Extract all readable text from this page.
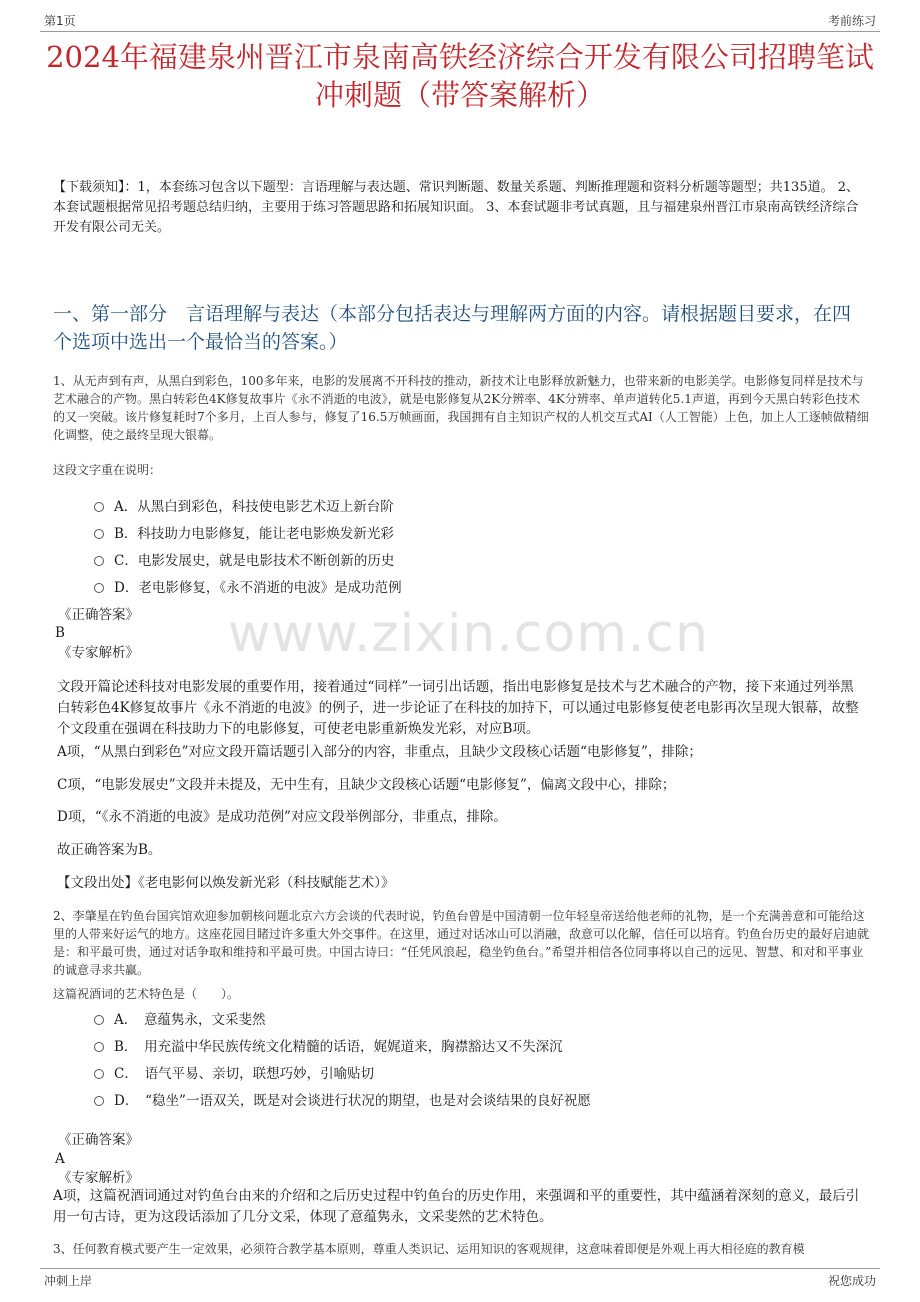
第1页	考前练习
2024年福建泉州晋江市泉南高铁经济综合开发有限公司招聘笔试冲刺题（带答案解析）
【下载须知】：1，本套练习包含以下题型：言语理解与表达题、常识判断题、数量关系题、判断推理题和资料分析题等题型；共135道。 2、本套试题根据常见招考题总结归纳，主要用于练习答题思路和拓展知识面。 3、本套试题非考试真题，且与福建泉州晋江市泉南高铁经济综合开发有限公司无关。
一、第一部分　言语理解与表达（本部分包括表达与理解两方面的内容。请根据题目要求，在四个选项中选出一个最恰当的答案。）
www.zixin.com.cn
1、从无声到有声，从黑白到彩色，100多年来，电影的发展离不开科技的推动，新技术让电影释放新魅力，也带来新的电影美学。电影修复同样是技术与艺术融合的产物。黑白转彩色4K修复故事片《永不消逝的电波》，就是电影修复从2K分辨率、4K分辨率、单声道转化5.1声道，再到今天黑白转彩色技术的又一突破。该片修复耗时7个多月，上百人参与，修复了16.5万帧画面，我国拥有自主知识产权的人机交互式AI（人工智能）上色，加上人工逐帧做精细化调整，使之最终呈现大银幕。
这段文字重在说明：
A．从黑白到彩色，科技使电影艺术迈上新台阶
B．科技助力电影修复，能让老电影焕发新光彩
C．电影发展史，就是电影技术不断创新的历史
D．老电影修复，《永不消逝的电波》是成功范例
《正确答案》
B
《专家解析》
文段开篇论述科技对电影发展的重要作用，接着通过“同样”一词引出话题，指出电影修复是技术与艺术融合的产物，接下来通过列举黑白转彩色4K修复故事片《永不消逝的电波》的例子，进一步论证了在科技的加持下，可以通过电影修复使老电影再次呈现大银幕，故整个文段重在强调在科技助力下的电影修复，可使老电影重新焕发光彩，对应B项。
A项，“从黑白到彩色”对应文段开篇话题引入部分的内容，非重点，且缺少文段核心话题“电影修复”，排除；
C项，“电影发展史”文段并未提及，无中生有，且缺少文段核心话题“电影修复”，偏离文段中心，排除；
D项，“《永不消逝的电波》是成功范例”对应文段举例部分，非重点，排除。
故正确答案为B。
【文段出处】《老电影何以焕发新光彩（科技赋能艺术）》
2、李肇星在钓鱼台国宾馆欢迎参加朝核问题北京六方会谈的代表时说，钓鱼台曾是中国清朝一位年轻皇帝送给他老师的礼物，是一个充满善意和可能给这里的人带来好运气的地方。这座花园目睹过许多重大外交事件。在这里，通过对话冰山可以消融，敌意可以化解，信任可以培育。钓鱼台历史的最好启迪就是：和平最可贵，通过对话争取和维持和平最可贵。中国古诗曰：“任凭风浪起，稳坐钓鱼台。”希望并相信各位同事将以自己的远见、智慧、和对和平事业的诚意寻求共赢。
这篇祝酒词的艺术特色是（　　）。
A．　意蕴隽永，文采斐然
B．　用充溢中华民族传统文化精髓的话语，娓娓道来，胸襟豁达又不失深沉
C．　语气平易、亲切，联想巧妙，引喻贴切
D．　“稳坐”一语双关，既是对会谈进行状况的期望，也是对会谈结果的良好祝愿
《正确答案》
A
《专家解析》
A项，这篇祝酒词通过对钓鱼台由来的介绍和之后历史过程中钓鱼台的历史作用，来强调和平的重要性，其中蕴涵着深刻的意义，最后引用一句古诗，更为这段话添加了几分文采，体现了意蕴隽永，文采斐然的艺术特色。
3、任何教育模式要产生一定效果，必须符合教学基本原则，尊重人类识记、运用知识的客观规律，这意味着即便是外观上再大相径庭的教育模
冲刺上岸	祝您成功
